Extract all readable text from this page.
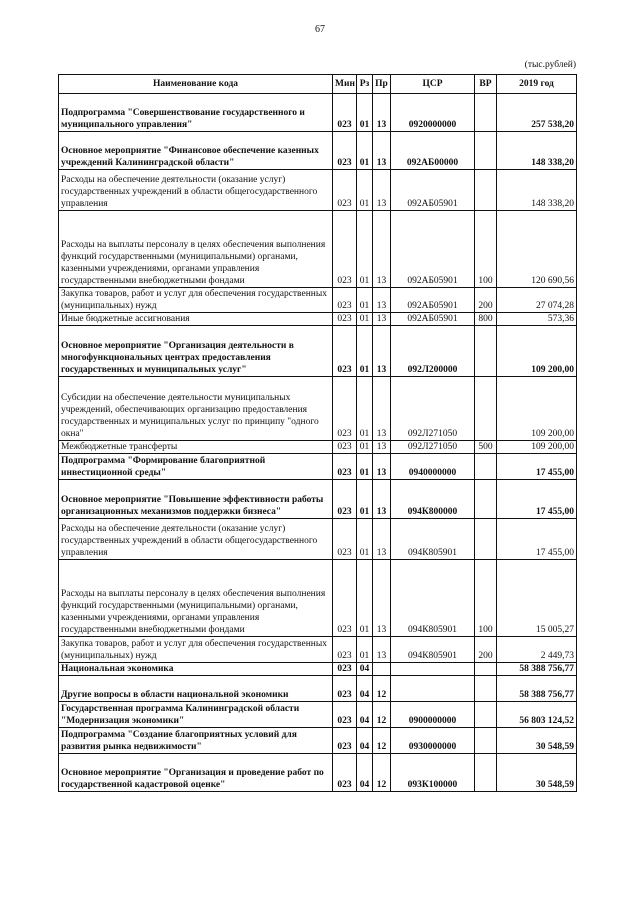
67
(тыс.рублей)
Наименование кода	Мин	Рз	Пр	ЦСР	ВР	2019 год
Подпрограмма "Совершенствование государственного и муниципального управления"	023	01	13	0920000000		257 538,20
Основное мероприятие "Финансовое обеспечение казенных учреждений Калининградской области"	023	01	13	092АБ00000		148 338,20
Расходы на обеспечение деятельности (оказание услуг) государственных учреждений в области общегосударственного управления	023	01	13	092АБ05901		148 338,20
Расходы на выплаты персоналу в целях обеспечения выполнения функций государственными (муниципальными) органами, казенными учреждениями, органами управления государственными внебюджетными фондами	023	01	13	092АБ05901	100	120 690,56
Закупка товаров, работ и услуг для обеспечения государственных (муниципальных) нужд	023	01	13	092АБ05901	200	27 074,28
Иные бюджетные ассигнования	023	01	13	092АБ05901	800	573,36
Основное мероприятие "Организация деятельности в многофункциональных центрах предоставления государственных и муниципальных услуг"	023	01	13	092Л200000		109 200,00
Субсидии на обеспечение деятельности муниципальных учреждений, обеспечивающих организацию предоставления государственных и муниципальных услуг по принципу "одного окна"	023	01	13	092Л271050		109 200,00
Межбюджетные трансферты	023	01	13	092Л271050	500	109 200,00
Подпрограмма "Формирование благоприятной инвестиционной среды"	023	01	13	0940000000		17 455,00
Основное мероприятие "Повышение эффективности работы организационных механизмов поддержки бизнеса"	023	01	13	094К800000		17 455,00
Расходы на обеспечение деятельности (оказание услуг) государственных учреждений в области общегосударственного управления	023	01	13	094К805901		17 455,00
Расходы на выплаты персоналу в целях обеспечения выполнения функций государственными (муниципальными) органами, казенными учреждениями, органами управления государственными внебюджетными фондами	023	01	13	094К805901	100	15 005,27
Закупка товаров, работ и услуг для обеспечения государственных (муниципальных) нужд	023	01	13	094К805901	200	2 449,73
Национальная экономика	023	04				58 388 756,77
Другие вопросы в области национальной экономики	023	04	12			58 388 756,77
Государственная программа Калининградской области "Модернизация экономики"	023	04	12	0900000000		56 803 124,52
Подпрограмма "Создание благоприятных условий для развития рынка недвижимости"	023	04	12	0930000000		30 548,59
Основное мероприятие "Организация и проведение работ по государственной кадастровой оценке"	023	04	12	093К100000		30 548,59
